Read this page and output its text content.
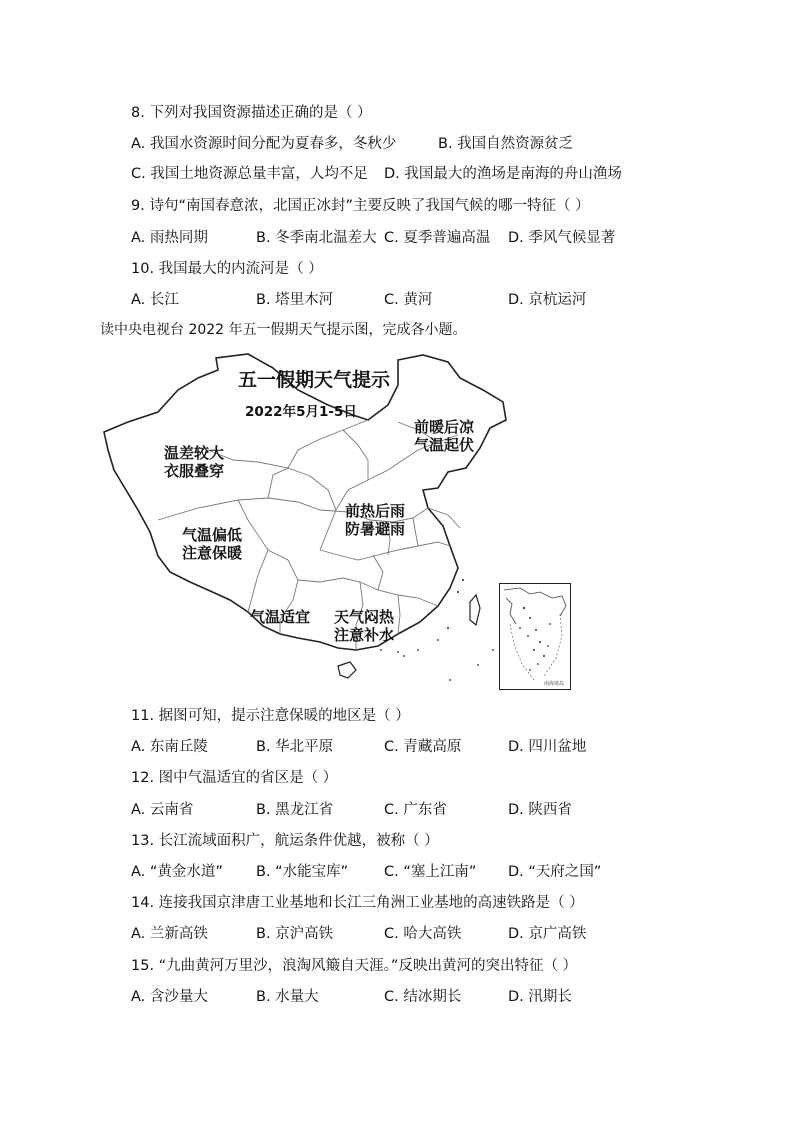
8. 下列对我国资源描述正确的是（ ）
A. 我国水资源时间分配为夏春多，冬秋少	B. 我国自然资源贫乏
C. 我国土地资源总量丰富，人均不足 D. 我国最大的渔场是南海的舟山渔场
9. 诗句“南国春意浓，北国正冰封”主要反映了我国气候的哪一特征（ ）
A. 雨热同期	B. 冬季南北温差大 C. 夏季普遍高温 D. 季风气候显著
10. 我国最大的内流河是（ ）
A. 长江	B. 塔里木河	C. 黄河	D. 京杭运河
读中央电视台 2022 年五一假期天气提示图，完成各小题。
五一假期天气提示
2022年5月1-5日
温差较大
衣服叠穿
前暖后凉
气温起伏
前热后雨
防暑避雨
气温偏低
注意保暖
气温适宜 天气闷热
注意补水
南海诸岛
11. 据图可知，提示注意保暖的地区是（ ）
A. 东南丘陵	B. 华北平原	C. 青藏高原	D. 四川盆地
12. 图中气温适宜的省区是（ ）
A. 云南省	B. 黑龙江省	C. 广东省	D. 陕西省
13. 长江流域面积广，航运条件优越，被称（ ）
A. “黄金水道” B. “水能宝库” C. “塞上江南” D. “天府之国”
14. 连接我国京津唐工业基地和长江三角洲工业基地的高速铁路是（ ）
A. 兰新高铁	B. 京沪高铁	C. 哈大高铁	D. 京广高铁
15. “九曲黄河万里沙，浪淘风簸自天涯。”反映出黄河的突出特征（ ）
A. 含沙量大	B. 水量大	C. 结冰期长	D. 汛期长
